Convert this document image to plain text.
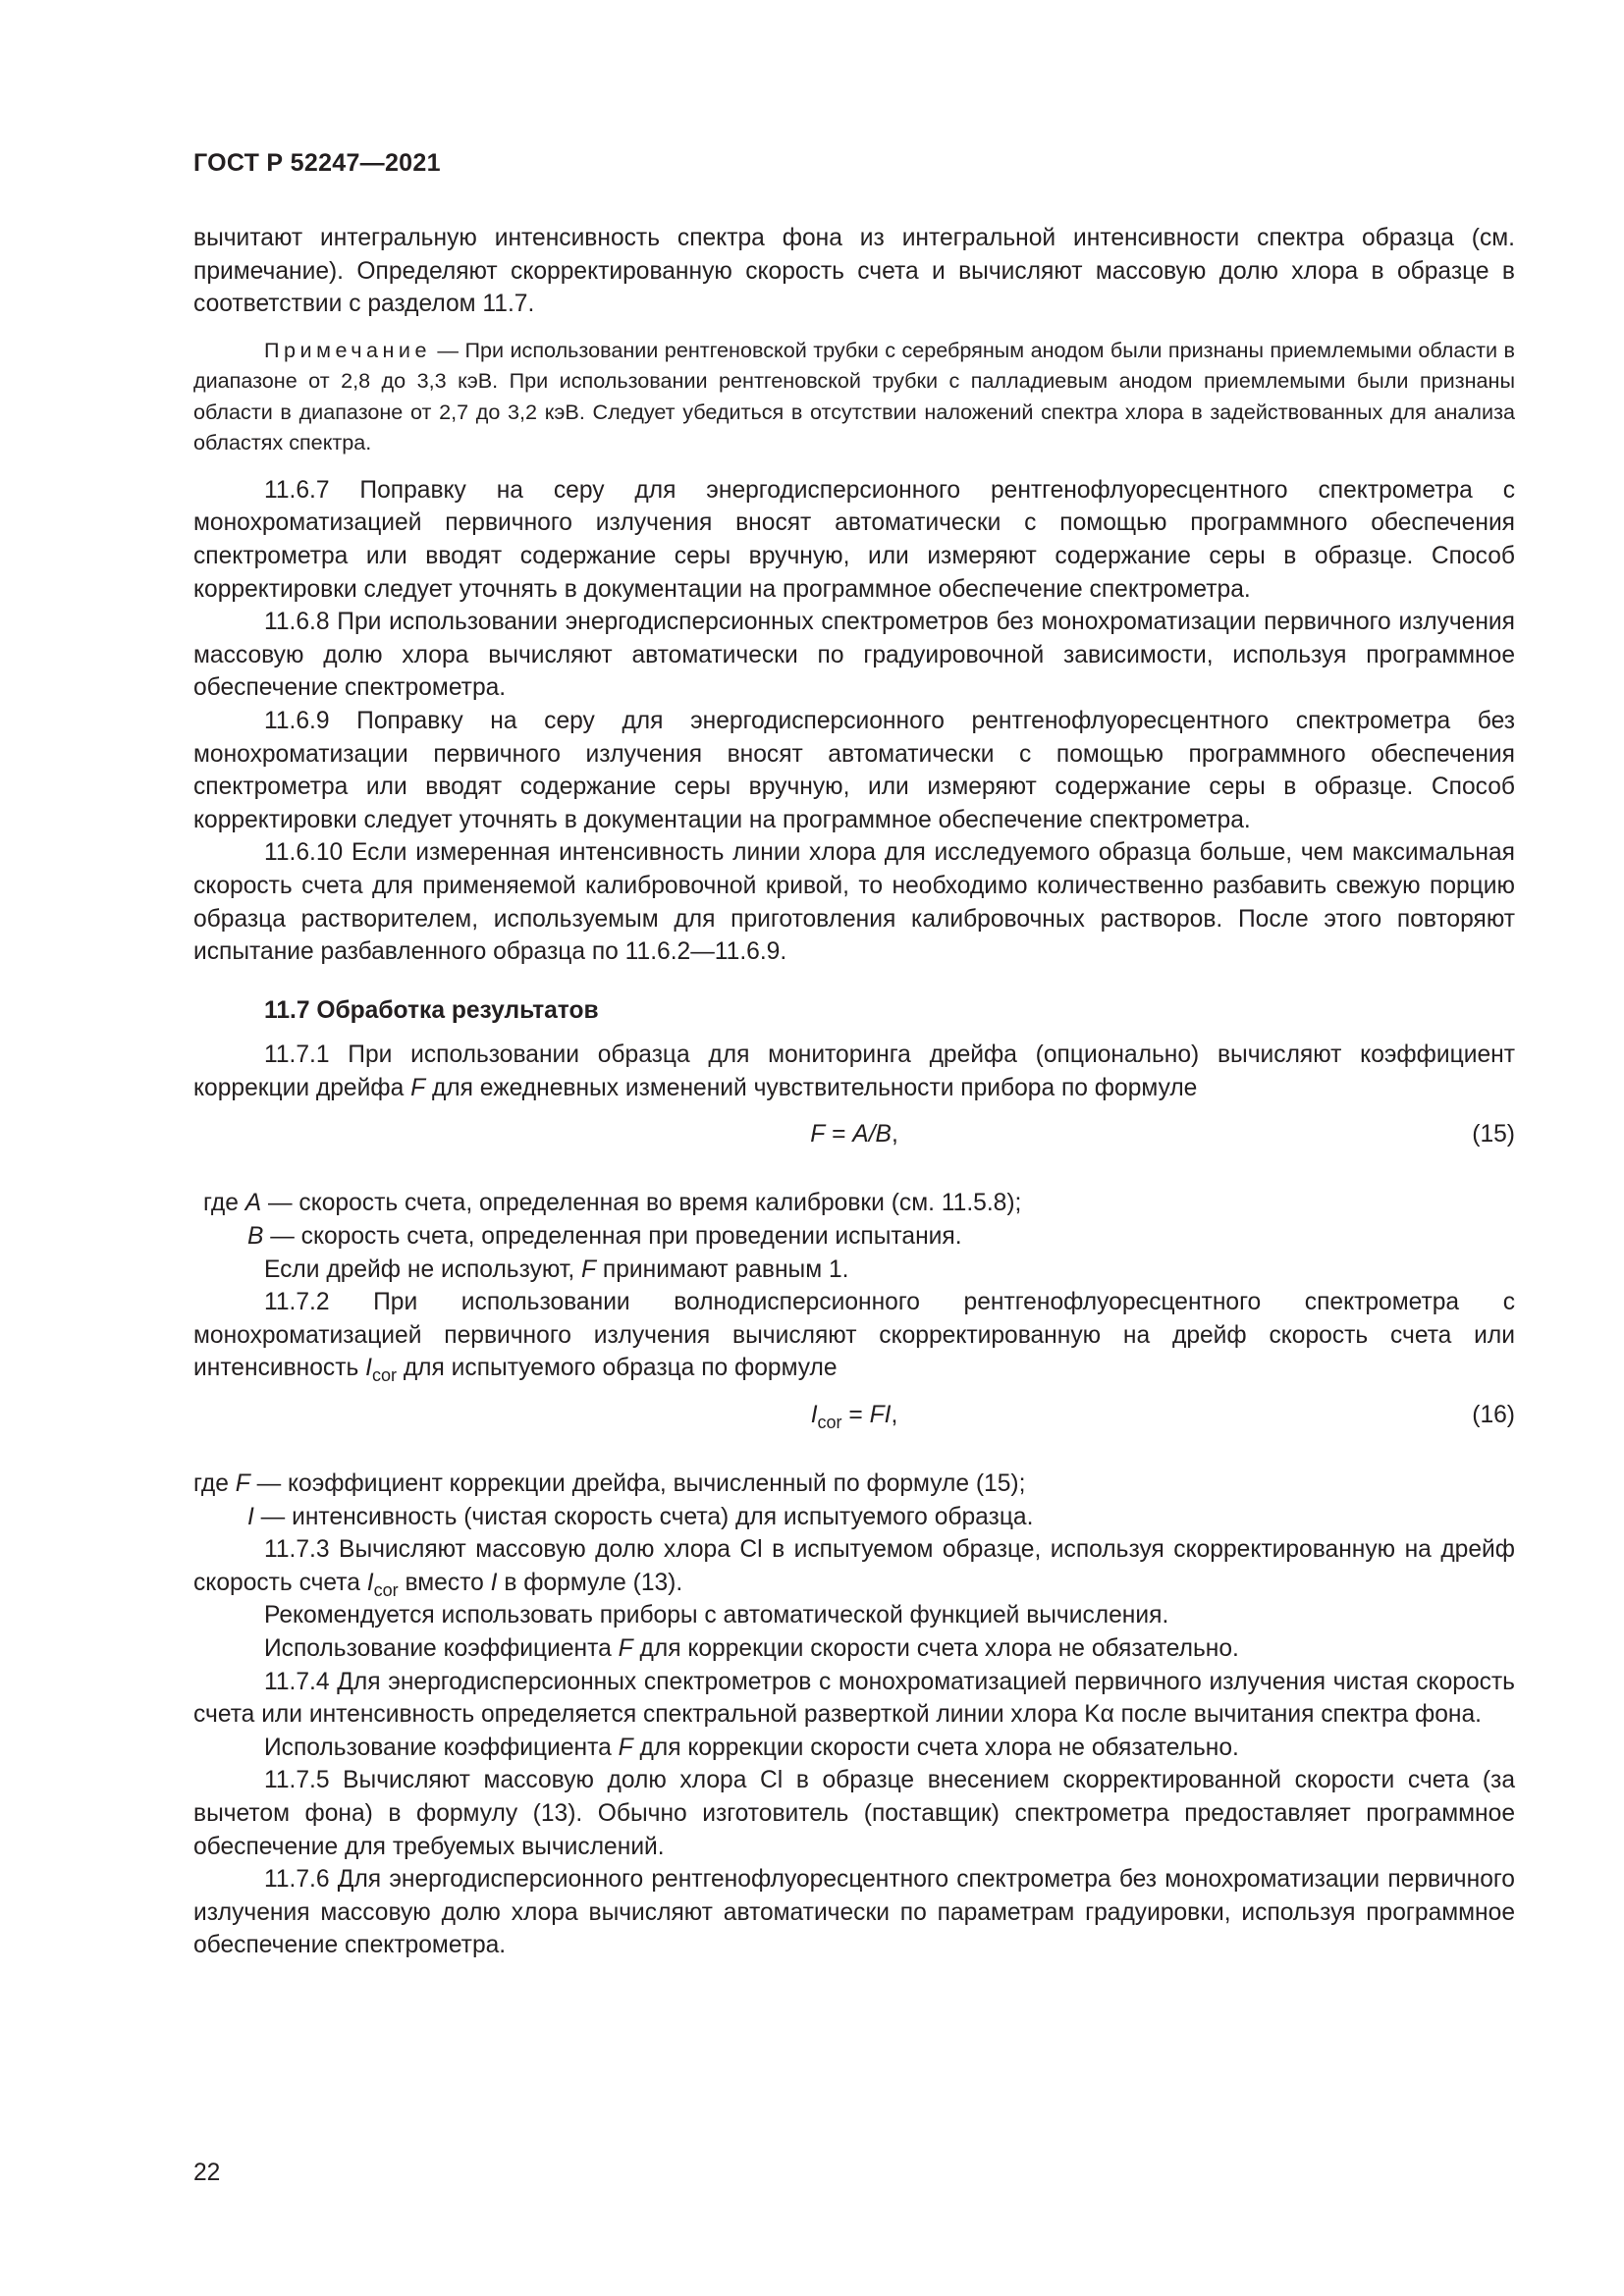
ГОСТ Р 52247—2021

вычитают интегральную интенсивность спектра фона из интегральной интенсивности спектра образца (см. примечание). Определяют скорректированную скорость счета и вычисляют массовую долю хлора в образце в соответствии с разделом 11.7.

Примечание — При использовании рентгеновской трубки с серебряным анодом были признаны приемлемыми области в диапазоне от 2,8 до 3,3 кэВ. При использовании рентгеновской трубки с палладиевым анодом приемлемыми были признаны области в диапазоне от 2,7 до 3,2 кэВ. Следует убедиться в отсутствии наложений спектра хлора в задействованных для анализа областях спектра.

11.6.7 Поправку на серу для энергодисперсионного рентгенофлуоресцентного спектрометра с монохроматизацией первичного излучения вносят автоматически с помощью программного обеспечения спектрометра или вводят содержание серы вручную, или измеряют содержание серы в образце. Способ корректировки следует уточнять в документации на программное обеспечение спектрометра.

11.6.8 При использовании энергодисперсионных спектрометров без монохроматизации первичного излучения массовую долю хлора вычисляют автоматически по градуировочной зависимости, используя программное обеспечение спектрометра.

11.6.9 Поправку на серу для энергодисперсионного рентгенофлуоресцентного спектрометра без монохроматизации первичного излучения вносят автоматически с помощью программного обеспечения спектрометра или вводят содержание серы вручную, или измеряют содержание серы в образце. Способ корректировки следует уточнять в документации на программное обеспечение спектрометра.

11.6.10 Если измеренная интенсивность линии хлора для исследуемого образца больше, чем максимальная скорость счета для применяемой калибровочной кривой, то необходимо количественно разбавить свежую порцию образца растворителем, используемым для приготовления калибровочных растворов. После этого повторяют испытание разбавленного образца по 11.6.2—11.6.9.

11.7 Обработка результатов

11.7.1 При использовании образца для мониторинга дрейфа (опционально) вычисляют коэффициент коррекции дрейфа F для ежедневных изменений чувствительности прибора по формуле

F = A/B,	(15)

где A — скорость счета, определенная во время калибровки (см. 11.5.8);

B — скорость счета, определенная при проведении испытания.

Если дрейф не используют, F принимают равным 1.

11.7.2 При использовании волнодисперсионного рентгенофлуоресцентного спектрометра с монохроматизацией первичного излучения вычисляют скорректированную на дрейф скорость счета или интенсивность $I_{cor}$ для испытуемого образца по формуле

$I_{cor}$ = FI,	(16)

где F — коэффициент коррекции дрейфа, вычисленный по формуле (15);

I — интенсивность (чистая скорость счета) для испытуемого образца.

11.7.3 Вычисляют массовую долю хлора Cl в испытуемом образце, используя скорректированную на дрейф скорость счета $I_{cor}$ вместо I в формуле (13).

Рекомендуется использовать приборы с автоматической функцией вычисления.

Использование коэффициента F для коррекции скорости счета хлора не обязательно.

11.7.4 Для энергодисперсионных спектрометров с монохроматизацией первичного излучения чистая скорость счета или интенсивность определяется спектральной разверткой линии хлора Kα после вычитания спектра фона.

Использование коэффициента F для коррекции скорости счета хлора не обязательно.

11.7.5 Вычисляют массовую долю хлора Cl в образце внесением скорректированной скорости счета (за вычетом фона) в формулу (13). Обычно изготовитель (поставщик) спектрометра предоставляет программное обеспечение для требуемых вычислений.

11.7.6 Для энергодисперсионного рентгенофлуоресцентного спектрометра без монохроматизации первичного излучения массовую долю хлора вычисляют автоматически по параметрам градуировки, используя программное обеспечение спектрометра.

22
